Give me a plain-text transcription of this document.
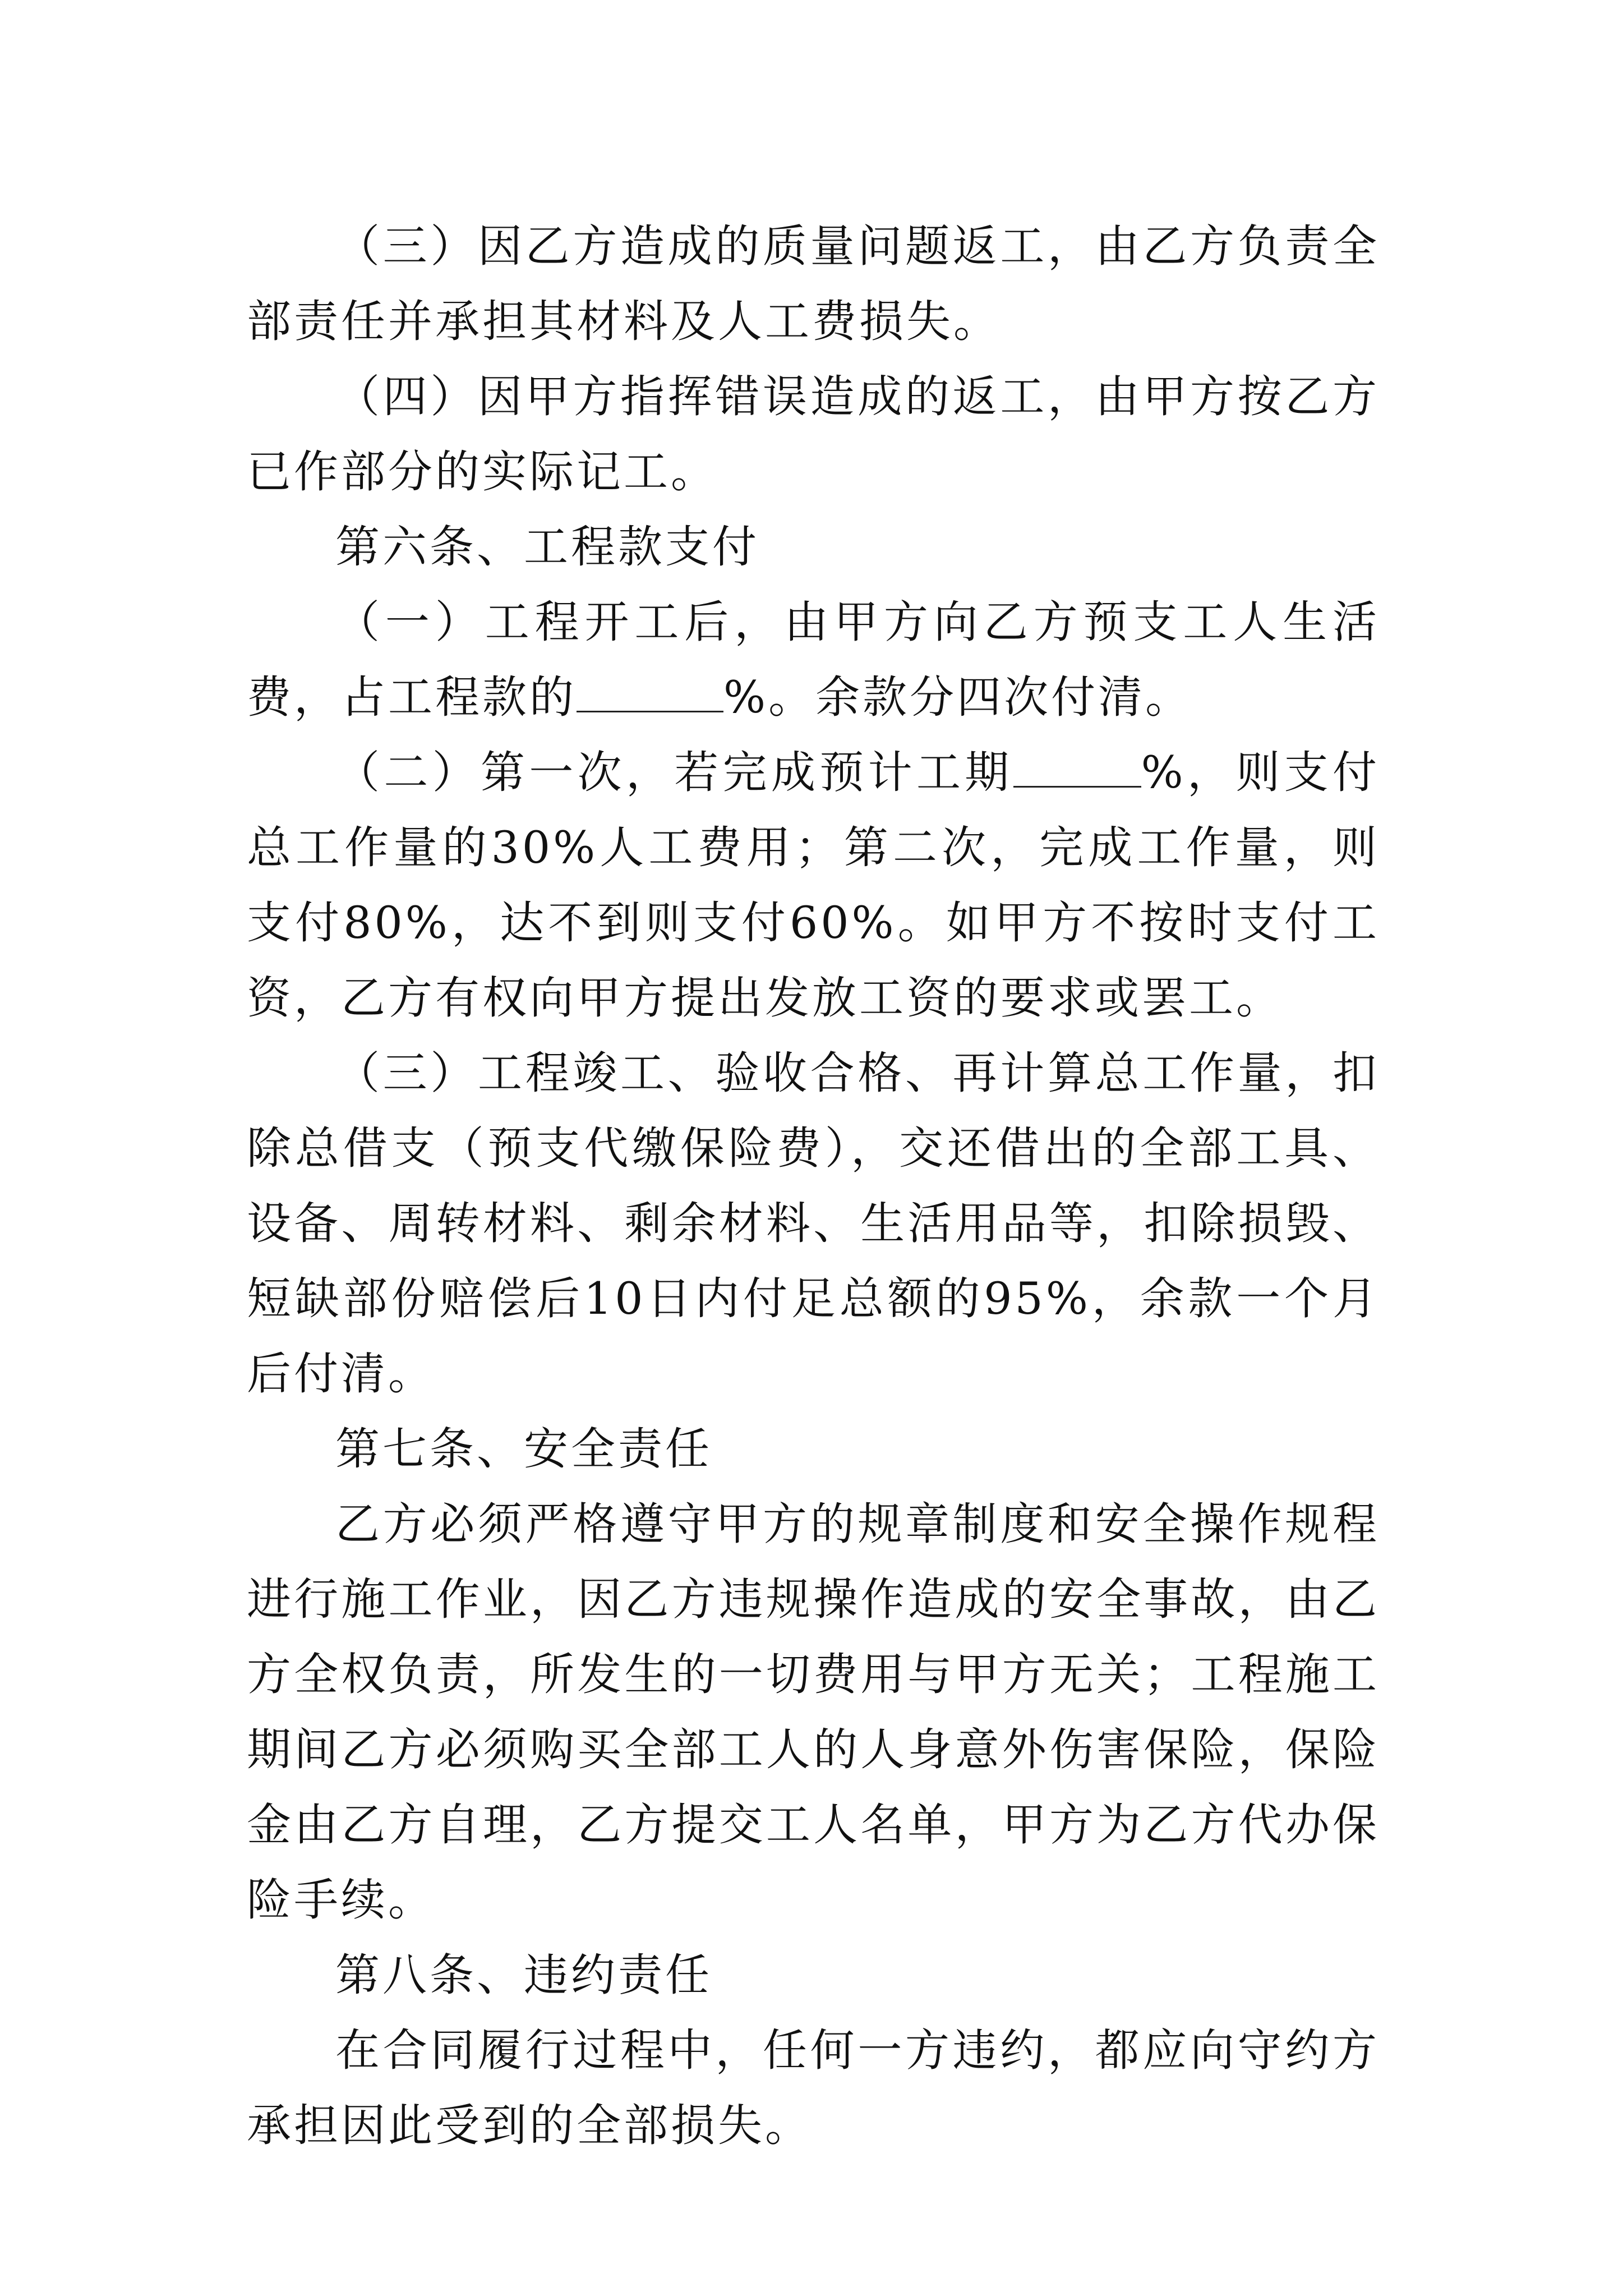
（三）因乙方造成的质量问题返工，由乙方负责全部责任并承担其材料及人工费损失。

（四）因甲方指挥错误造成的返工，由甲方按乙方已作部分的实际记工。

第六条、工程款支付

（一）工程开工后，由甲方向乙方预支工人生活费，占工程款的	%。余款分四次付清。

（二）第一次，若完成预计工期	%，则支付总工作量的30%人工费用；第二次，完成工作量，则支付80%，达不到则支付60%。如甲方不按时支付工资，乙方有权向甲方提出发放工资的要求或罢工。

（三）工程竣工、验收合格、再计算总工作量，扣除总借支（预支代缴保险费），交还借出的全部工具、设备、周转材料、剩余材料、生活用品等，扣除损毁、短缺部份赔偿后10日内付足总额的95%，余款一个月后付清。

第七条、安全责任

乙方必须严格遵守甲方的规章制度和安全操作规程进行施工作业，因乙方违规操作造成的安全事故，由乙方全权负责，所发生的一切费用与甲方无关；工程施工期间乙方必须购买全部工人的人身意外伤害保险，保险金由乙方自理，乙方提交工人名单，甲方为乙方代办保险手续。

第八条、违约责任

在合同履行过程中，任何一方违约，都应向守约方承担因此受到的全部损失。
